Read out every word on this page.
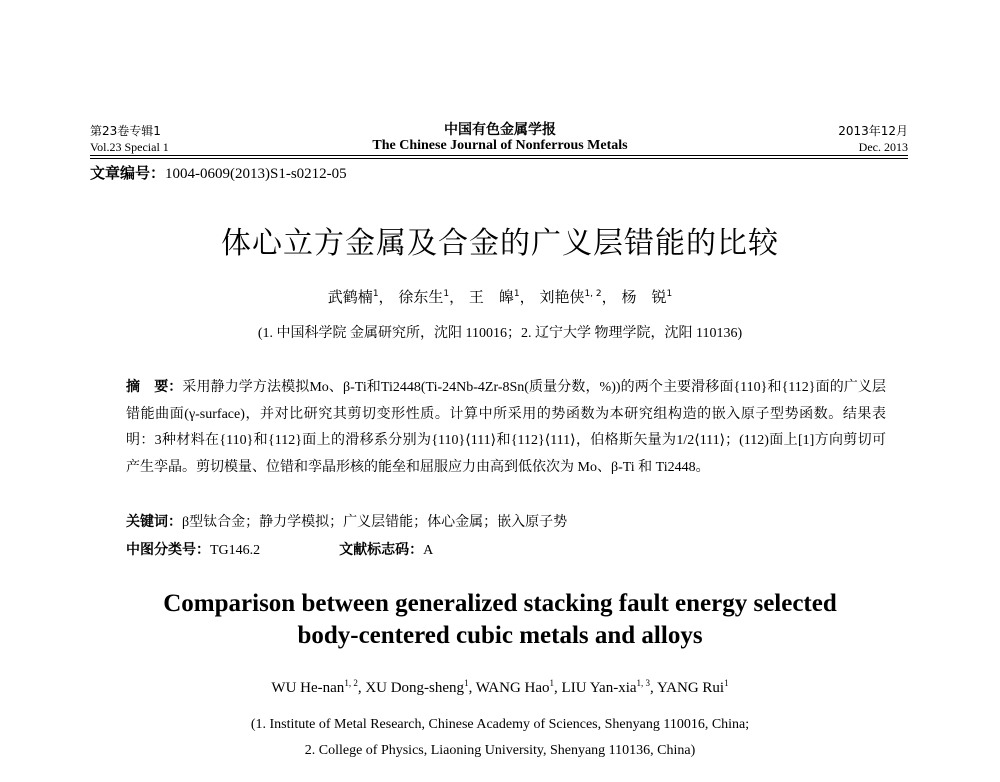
第23卷专辑1
Vol.23 Special 1
中国有色金属学报
The Chinese Journal of Nonferrous Metals
2013年12月
Dec. 2013
文章编号：1004-0609(2013)S1-s0212-05
体心立方金属及合金的广义层错能的比较
武鹤楠$^1$， 徐东生$^1$， 王　皞$^1$， 刘艳侠$^{1, 2}$， 杨　锐$^1$
(1. 中国科学院 金属研究所，沈阳 110016；2. 辽宁大学 物理学院，沈阳 110136)
摘　要：采用静力学方法模拟Mo、β-Ti和Ti2448(Ti-24Nb-4Zr-8Sn(质量分数，%))的两个主要滑移面{110}和{112}面的广义层错能曲面(γ-surface)，并对比研究其剪切变形性质。计算中所采用的势函数为本研究组构造的嵌入原子型势函数。结果表明：3种材料在{110}和{112}面上的滑移系分别为{110}⟨111⟩和{112}⟨111⟩，伯格斯矢量为1/2⟨111⟩；(112)面上[1]方向剪切可产生孪晶。剪切模量、位错和孪晶形核的能垒和屈服应力由高到低依次为 Mo、β-Ti 和 Ti2448。
关键词：β型钛合金；静力学模拟；广义层错能；体心金属；嵌入原子势
中图分类号：TG146.2	文献标志码：A
Comparison between generalized stacking fault energy selected body-centered cubic metals and alloys
WU He-nan$^{1, 2}$, XU Dong-sheng$^1$, WANG Hao$^1$, LIU Yan-xia$^{1, 3}$, YANG Rui$^1$
(1. Institute of Metal Research, Chinese Academy of Sciences, Shenyang 110016, China;
2. College of Physics, Liaoning University, Shenyang 110136, China)
